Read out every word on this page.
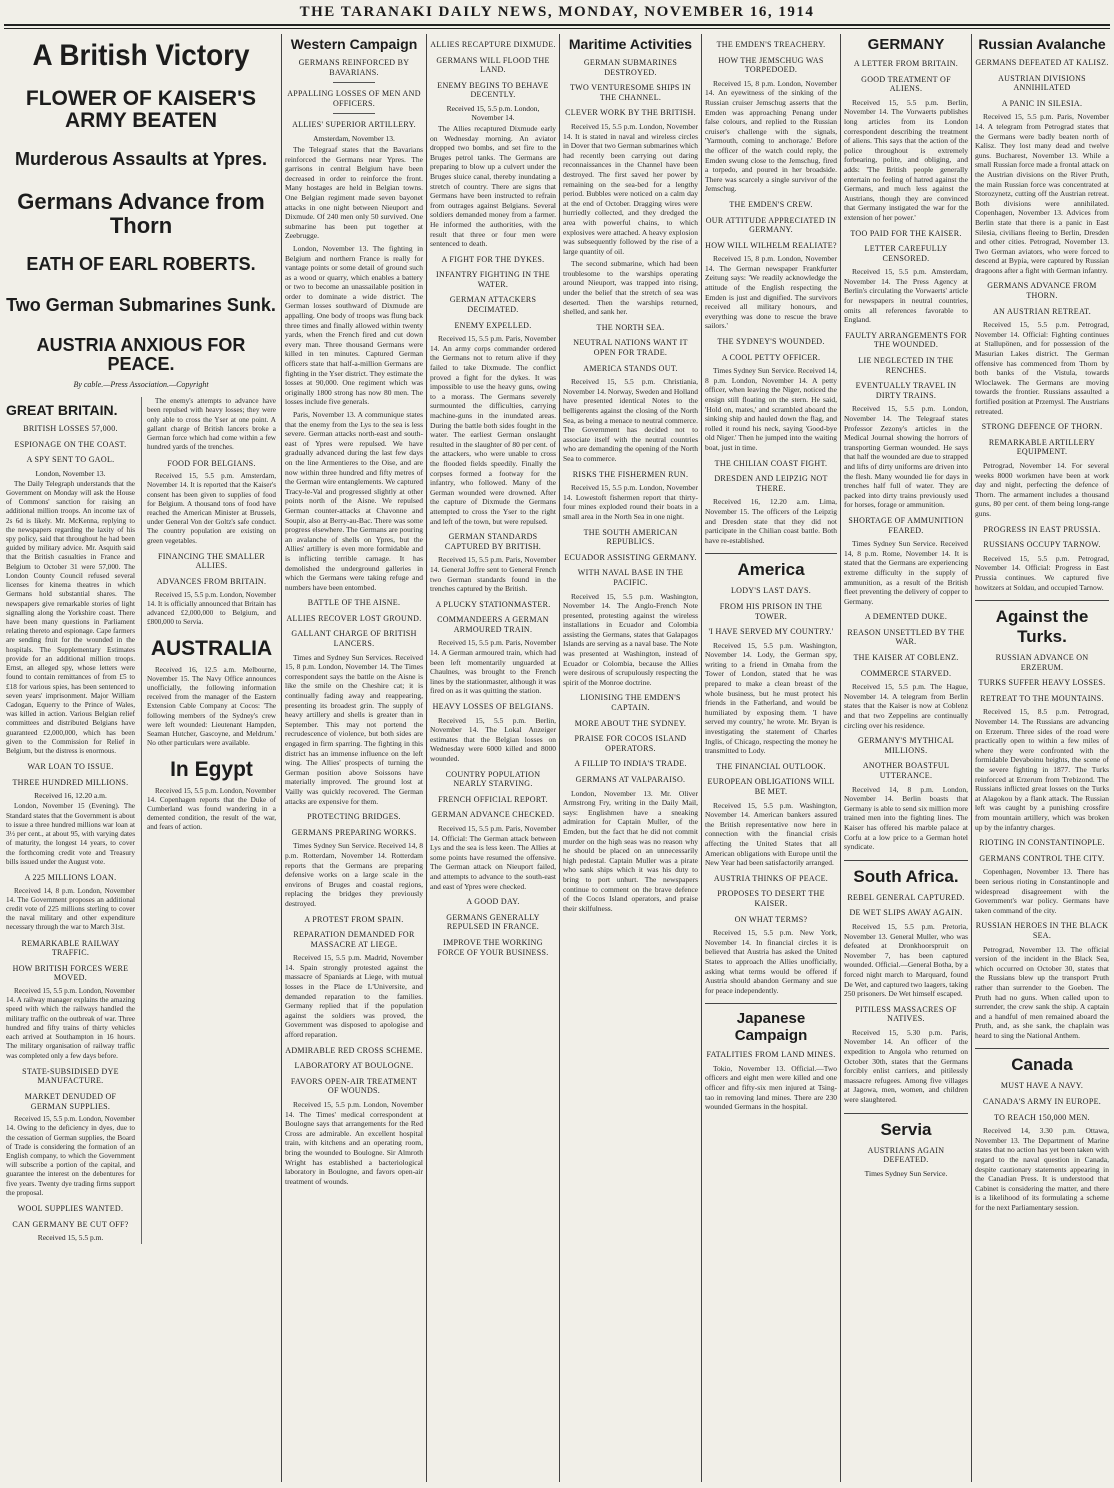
THE TARANAKI DAILY NEWS, MONDAY, NOVEMBER 16, 1914
A British Victory
FLOWER OF KAISER'S ARMY BEATEN
Murderous Assaults at Ypres.
Germans Advance from Thorn
EATH OF EARL ROBERTS.
Two German Submarines Sunk.
AUSTRIA ANXIOUS FOR PEACE.
By cable.—Press Association.—Copyright
GREAT BRITAIN.
BRITISH LOSSES 57,000.
ESPIONAGE ON THE COAST.
A SPY SENT TO GAOL.
London, November 13.

The Daily Telegraph understands that the Government on Monday will ask the House of Commons' sanction for raising an additional million troops. An income tax of 2s 6d is likely. Mr. McKenna, replying to the newspapers regarding the laxity of his spy policy, said that throughout he had been guided by military advice. Mr. Asquith said that the British casualties in France and Belgium to October 31 were 57,000. The London County Council refused several licenses for kinema theatres in which Germans hold substantial shares. The newspapers give remarkable stories of light signalling along the Yorkshire coast. There have been many questions in Parliament relating thereto and espionage. Cape farmers are sending fruit for the wounded in the hospitals. The Supplementary Estimates provide for an additional million troops. Ernst, an alleged spy, whose letters were found to contain remittances of from £5 to £18 for various spies, has been sentenced to seven years' imprisonment. Major William Cadogan, Equerry to the Prince of Wales, was killed in action. Various Belgian relief committees and distributed Belgians have guaranteed £2,000,000, which has been given to the Commission for Relief in Belgium, but the distress is enormous.

WAR LOAN TO ISSUE.
THREE HUNDRED MILLIONS.
Received 16, 12.20 a.m.

London, November 15 (Evening). The Standard states that the Government is about to issue a three hundred millions war loan at 3½ per cent., at about 95, with varying dates of maturity, the longest 14 years, to cover the forthcoming credit vote and Treasury bills issued under the August vote.

A 225 MILLIONS LOAN.

Received 14, 8 p.m. London, November 14. The Government proposes an additional credit vote of 225 millions sterling to cover the naval military and other expenditure necessary through the war to March 31st.

REMARKABLE RAILWAY TRAFFIC.
HOW BRITISH FORCES WERE MOVED.

Received 15, 5.5 p.m. London, November 14. A railway manager explains the amazing speed with which the railways handled the military traffic on the outbreak of war. Three hundred and fifty trains of thirty vehicles each arrived at Southampton in 16 hours. The military organisation of railway traffic was completed only a few days before.

STATE-SUBSIDISED DYE MANUFACTURE.
MARKET DENUDED OF GERMAN SUPPLIES.

Received 15, 5.5 p.m. London, November 14. Owing to the deficiency in dyes, due to the cessation of German supplies, the Board of Trade is considering the formation of an English company, to which the Government will subscribe a portion of the capital, and guarantee the interest on the debentures for five years. Twenty dye trading firms support the proposal.

WOOL SUPPLIES WANTED.
CAN GERMANY BE CUT OFF?
Received 15, 5.5 p.m.

The enemy's attempts to advance have been repulsed with heavy losses; they were only able to cross the Yser at one point. A gallant charge of British lancers broke a German force which had come within a few hundred yards of the trenches.

FOOD FOR BELGIANS.

Received 15, 5.5 p.m. Amsterdam, November 14. It is reported that the Kaiser's consent has been given to supplies of food for Belgium. A thousand tons of food have reached the American Minister at Brussels, under General Von der Goltz's safe conduct. The country population are existing on green vegetables.

FINANCING THE SMALLER ALLIES.
ADVANCES FROM BRITAIN.

Received 15, 5.5 p.m. London, November 14. It is officially announced that Britain has advanced £2,000,000 to Belgium, and £800,000 to Servia.

AUSTRALIA

Received 16, 12.5 a.m. Melbourne, November 15. The Navy Office announces unofficially, the following information received from the manager of the Eastern Extension Cable Company at Cocos: 'The following members of the Sydney's crew were left wounded: Lieutenant Hampden, Seaman Hutcher, Gascoyne, and Meldrum.' No other particulars were available.

In Egypt

Received 15, 5.5 p.m. London, November 14. Copenhagen reports that the Duke of Cumberland was found wandering in a demented condition, the result of the war, and fears of action.

Western Campaign
GERMANS REINFORCED BY BAVARIANS.
APPALLING LOSSES OF MEN AND OFFICERS.
ALLIES' SUPERIOR ARTILLERY.
Amsterdam, November 13.

The Telegraaf states that the Bavarians reinforced the Germans near Ypres. The garrisons in central Belgium have been decreased in order to reinforce the front. Many hostages are held in Belgian towns. One Belgian regiment made seven bayonet attacks in one night between Nieuport and Dixmude. Of 240 men only 50 survived. One submarine has been put together at Zeebrugge.

London, November 13. The fighting in Belgium and northern France is really for vantage points or some detail of ground such as a wood or quarry, which enables a battery or two to become an unassailable position in order to dominate a wide district. The German losses southward of Dixmude are appalling. One body of troops was flung back three times and finally allowed within twenty yards, when the French fired and cut down every man. Three thousand Germans were killed in ten minutes. Captured German officers state that half-a-million Germans are fighting in the Yser district. They estimate the losses at 90,000. One regiment which was originally 1800 strong has now 80 men. The losses include five generals.

Paris, November 13. A communique states that the enemy from the Lys to the sea is less severe. German attacks north-east and south-east of Ypres were repulsed. We have gradually advanced during the last few days on the line Armentieres to the Oise, and are now within three hundred and fifty metres of the German wire entanglements. We captured Tracy-le-Val and progressed slightly at other points north of the Aisne. We repulsed German counter-attacks at Chavonne and Soupir, also at Berry-au-Bac. There was some progress elsewhere. The Germans are pouring an avalanche of shells on Ypres, but the Allies' artillery is even more formidable and is inflicting terrible carnage. It has demolished the underground galleries in which the Germans were taking refuge and numbers have been entombed.

BATTLE OF THE AISNE.
ALLIES RECOVER LOST GROUND.
GALLANT CHARGE OF BRITISH LANCERS.

Times and Sydney Sun Services. Received 15, 8 p.m. London, November 14. The Times correspondent says the battle on the Aisne is like the smile on the Cheshire cat; it is continually fading away and reappearing, presenting its broadest grin. The supply of heavy artillery and shells is greater than in September. This may not portend the recrudescence of violence, but both sides are engaged in firm sparring. The fighting in this district has an immense influence on the left wing. The Allies' prospects of turning the German position above Soissons have materially improved. The ground lost at Vailly was quickly recovered. The German attacks are expensive for them.

PROTECTING BRIDGES.
GERMANS PREPARING WORKS.

Times Sydney Sun Service. Received 14, 8 p.m. Rotterdam, November 14. Rotterdam reports that the Germans are preparing defensive works on a large scale in the environs of Bruges and coastal regions, replacing the bridges they previously destroyed.

A PROTEST FROM SPAIN.
REPARATION DEMANDED FOR MASSACRE AT LIEGE.

Received 15, 5.5 p.m. Madrid, November 14. Spain strongly protested against the massacre of Spaniards at Liege, with mutual losses in the Place de L'Universite, and demanded reparation to the families. Germany replied that if the population against the soldiers was proved, the Government was disposed to apologise and afford reparation.

ADMIRABLE RED CROSS SCHEME.
LABORATORY AT BOULOGNE.
FAVORS OPEN-AIR TREATMENT OF WOUNDS.

Received 15, 5.5 p.m. London, November 14. The Times' medical correspondent at Boulogne says that arrangements for the Red Cross are admirable. An excellent hospital train, with kitchens and an operating room, bring the wounded to Boulogne. Sir Almroth Wright has established a bacteriological laboratory in Boulogne, and favors open-air treatment of wounds.

ALLIES RECAPTURE DIXMUDE.
GERMANS WILL FLOOD THE LAND.
ENEMY BEGINS TO BEHAVE DECENTLY.
Received 15, 5.5 p.m. London, November 14.

The Allies recaptured Dixmude early on Wednesday morning. An aviator dropped two bombs, and set fire to the Bruges petrol tanks. The Germans are preparing to blow up a culvert under the Bruges sluice canal, thereby inundating a stretch of country. There are signs that Germans have been instructed to refrain from outrages against Belgians. Several soldiers demanded money from a farmer. He informed the authorities, with the result that three or four men were sentenced to death.

A FIGHT FOR THE DYKES.
INFANTRY FIGHTING IN THE WATER.
GERMAN ATTACKERS DECIMATED.
ENEMY EXPELLED.

Received 15, 5.5 p.m. Paris, November 14. An army corps commander ordered the Germans not to return alive if they failed to take Dixmude. The conflict proved a fight for the dykes. It was impossible to use the heavy guns, owing to a morass. The Germans severely surmounted the difficulties, carrying machine-guns in the inundated areas. During the battle both sides fought in the water. The earliest German onslaught resulted in the slaughter of 80 per cent. of the attackers, who were unable to cross the flooded fields speedily. Finally the corpses formed a footway for the infantry, who followed. Many of the German wounded were drowned. After the capture of Dixmude the Germans attempted to cross the Yser to the right and left of the town, but were repulsed.

GERMAN STANDARDS CAPTURED BY BRITISH.

Received 15, 5.5 p.m. Paris, November 14. General Joffre sent to General French two German standards found in the trenches captured by the British.

A PLUCKY STATIONMASTER.
COMMANDEERS A GERMAN ARMOURED TRAIN.

Received 15, 5.5 p.m. Paris, November 14. A German armoured train, which had been left momentarily unguarded at Chaulnes, was brought to the French lines by the stationmaster, although it was fired on as it was quitting the station.

HEAVY LOSSES OF BELGIANS.

Received 15, 5.5 p.m. Berlin, November 14. The Lokal Anzeiger estimates that the Belgian losses on Wednesday were 6000 killed and 8000 wounded.

COUNTRY POPULATION NEARLY STARVING.
FRENCH OFFICIAL REPORT.
GERMAN ADVANCE CHECKED.

Received 15, 5.5 p.m. Paris, November 14. Official: The German attack between Lys and the sea is less keen. The Allies at some points have resumed the offensive. The German attack on Nieuport failed, and attempts to advance to the south-east and east of Ypres were checked.

A GOOD DAY.
GERMANS GENERALLY REPULSED IN FRANCE.
IMPROVE THE WORKING FORCE OF YOUR BUSINESS.
Maritime Activities
GERMAN SUBMARINES DESTROYED.
TWO VENTURESOME SHIPS IN THE CHANNEL.
CLEVER WORK BY THE BRITISH.

Received 15, 5.5 p.m. London, November 14. It is stated in naval and wireless circles in Dover that two German submarines which had recently been carrying out daring reconnaissances in the Channel have been destroyed. The first saved her power by remaining on the sea-bed for a lengthy period. Bubbles were noticed on a calm day at the end of October. Dragging wires were hurriedly collected, and they dredged the area with powerful chains, to which explosives were attached. A heavy explosion was subsequently followed by the rise of a large quantity of oil.

The second submarine, which had been troublesome to the warships operating around Nieuport, was trapped into rising, under the belief that the stretch of sea was deserted. Then the warships returned, shelled, and sank her.

THE NORTH SEA.
NEUTRAL NATIONS WANT IT OPEN FOR TRADE.
AMERICA STANDS OUT.

Received 15, 5.5 p.m. Christiania, November 14. Norway, Sweden and Holland have presented identical Notes to the belligerents against the closing of the North Sea, as being a menace to neutral commerce. The Government has decided not to associate itself with the neutral countries who are demanding the opening of the North Sea to commerce.

RISKS THE FISHERMEN RUN.

Received 15, 5.5 p.m. London, November 14. Lowestoft fishermen report that thirty-four mines exploded round their boats in a small area in the North Sea in one night.

THE SOUTH AMERICAN REPUBLICS.
ECUADOR ASSISTING GERMANY.
WITH NAVAL BASE IN THE PACIFIC.

Received 15, 5.5 p.m. Washington, November 14. The Anglo-French Note presented, protesting against the wireless installations in Ecuador and Colombia assisting the Germans, states that Galapagos Islands are serving as a naval base. The Note was presented at Washington, instead of Ecuador or Colombia, because the Allies were desirous of scrupulously respecting the spirit of the Monroe doctrine.

LIONISING THE EMDEN'S CAPTAIN.
MORE ABOUT THE SYDNEY.
PRAISE FOR COCOS ISLAND OPERATORS.
A FILLIP TO INDIA'S TRADE.
GERMANS AT VALPARAISO.

London, November 13. Mr. Oliver Armstrong Fry, writing in the Daily Mail, says: Englishmen have a sneaking admiration for Captain Muller, of the Emden, but the fact that he did not commit murder on the high seas was no reason why he should be placed on an unnecessarily high pedestal. Captain Muller was a pirate who sank ships which it was his duty to bring to port unhurt. The newspapers continue to comment on the brave defence of the Cocos Island operators, and praise their skilfulness.

THE EMDEN'S TREACHERY.
HOW THE JEMSCHUG WAS TORPEDOED.

Received 15, 8 p.m. London, November 14. An eyewitness of the sinking of the Russian cruiser Jemschug asserts that the Emden was approaching Penang under false colours, and replied to the Russian cruiser's challenge with the signals, 'Yarmouth, coming to anchorage.' Before the officer of the watch could reply, the Emden swung close to the Jemschug, fired a torpedo, and poured in her broadside. There was scarcely a single survivor of the Jemschug.

THE EMDEN'S CREW.
OUR ATTITUDE APPRECIATED IN GERMANY.
HOW WILL WILHELM REALIATE?

Received 15, 8 p.m. London, November 14. The German newspaper Frankfurter Zeitung says: 'We readily acknowledge the attitude of the English respecting the Emden is just and dignified. The survivors received all military honours, and everything was done to rescue the brave sailors.'

THE SYDNEY'S WOUNDED.
A COOL PETTY OFFICER.

Times Sydney Sun Service. Received 14, 8 p.m. London, November 14. A petty officer, when leaving the Niger, noticed the ensign still floating on the stern. He said, 'Hold on, mates,' and scrambled aboard the sinking ship and hauled down the flag, and rolled it round his neck, saying 'Good-bye old Niger.' Then he jumped into the waiting boat, just in time.

THE CHILIAN COAST FIGHT.
DRESDEN AND LEIPZIG NOT THERE.

Received 16, 12.20 a.m. Lima, November 15. The officers of the Leipzig and Dresden state that they did not participate in the Chilian coast battle. Both have re-established.

America
LODY'S LAST DAYS.
FROM HIS PRISON IN THE TOWER.
'I HAVE SERVED MY COUNTRY.'

Received 15, 5.5 p.m. Washington, November 14. Lody, the German spy, writing to a friend in Omaha from the Tower of London, stated that he was prepared to make a clean breast of the whole business, but he must protect his friends in the Fatherland, and would be humiliated by exposing them. 'I have served my country,' he wrote. Mr. Bryan is investigating the statement of Charles Inglis, of Chicago, respecting the money he transmitted to Lody.

THE FINANCIAL OUTLOOK.
EUROPEAN OBLIGATIONS WILL BE MET.

Received 15, 5.5 p.m. Washington, November 14. American bankers assured the British representative now here in connection with the financial crisis affecting the United States that all American obligations with Europe until the New Year had been satisfactorily arranged.

AUSTRIA THINKS OF PEACE.
PROPOSES TO DESERT THE KAISER.
ON WHAT TERMS?

Received 15, 5.5 p.m. New York, November 14. In financial circles it is believed that Austria has asked the United States to approach the Allies unofficially, asking what terms would be offered if Austria should abandon Germany and sue for peace independently.

Japanese Campaign
FATALITIES FROM LAND MINES.

Tokio, November 13. Official.—Two officers and eight men were killed and one officer and fifty-six men injured at Tsing-tao in removing land mines. There are 230 wounded Germans in the hospital.

GERMANY
A LETTER FROM BRITAIN.
GOOD TREATMENT OF ALIENS.

Received 15, 5.5 p.m. Berlin, November 14. The Vorwaerts publishes long articles from its London correspondent describing the treatment of aliens. This says that the action of the police throughout is extremely forbearing, polite, and obliging, and adds: 'The British people generally entertain no feeling of hatred against the Germans, and much less against the Austrians, though they are convinced that Germany instigated the war for the extension of her power.'

TOO PAID FOR THE KAISER.
LETTER CAREFULLY CENSORED.

Received 15, 5.5 p.m. Amsterdam, November 14. The Press Agency at Berlin's circulating the Vorwaerts' article for newspapers in neutral countries, omits all references favorable to England.

FAULTY ARRANGEMENTS FOR THE WOUNDED.
LIE NEGLECTED IN THE RENCHES.
EVENTUALLY TRAVEL IN DIRTY TRAINS.

Received 15, 5.5 p.m. London, November 14. The Telegraaf states Professor Zezony's articles in the Medical Journal showing the horrors of transporting German wounded. He says that half the wounded are due to strapped and lifts of dirty uniforms are driven into the flesh. Many wounded lie for days in trenches half full of water. They are packed into dirty trains previously used for horses, forage or ammunition.

SHORTAGE OF AMMUNITION FEARED.

Times Sydney Sun Service. Received 14, 8 p.m. Rome, November 14. It is stated that the Germans are experiencing extreme difficulty in the supply of ammunition, as a result of the British fleet preventing the delivery of copper to Germany.

A DEMENTED DUKE.
REASON UNSETTLED BY THE WAR.
THE KAISER AT COBLENZ.
COMMERCE STARVED.

Received 15, 5.5 p.m. The Hague, November 14. A telegram from Berlin states that the Kaiser is now at Coblenz and that two Zeppelins are continually circling over his residence.

GERMANY'S MYTHICAL MILLIONS.
ANOTHER BOASTFUL UTTERANCE.

Received 14, 8 p.m. London, November 14. Berlin boasts that Germany is able to send six million more trained men into the fighting lines. The Kaiser has offered his marble palace at Corfu at a low price to a German hotel syndicate.

South Africa.
REBEL GENERAL CAPTURED.
DE WET SLIPS AWAY AGAIN.

Received 15, 5.5 p.m. Pretoria, November 13. General Muller, who was defeated at Dronkhoorspruit on November 7, has been captured wounded. Official.—General Botha, by a forced night march to Marquard, found De Wet, and captured two laagers, taking 250 prisoners. De Wet himself escaped.

PITILESS MASSACRES OF NATIVES.

Received 15, 5.30 p.m. Paris, November 14. An officer of the expedition to Angola who returned on October 30th, states that the Germans forcibly enlist carriers, and pitilessly massacre refugees. Among five villages at Jagowa, men, women, and children were slaughtered.

Servia
AUSTRIANS AGAIN DEFEATED.
Times Sydney Sun Service.
Russian Avalanche
GERMANS DEFEATED AT KALISZ.
AUSTRIAN DIVISIONS ANNIHILATED
A PANIC IN SILESIA.

Received 15, 5.5 p.m. Paris, November 14. A telegram from Petrograd states that the Germans were badly beaten north of Kalisz. They lost many dead and twelve guns. Bucharest, November 13. While a small Russian force made a frontal attack on the Austrian divisions on the River Pruth, the main Russian force was concentrated at Storozynetz, cutting off the Austrian retreat. Both divisions were annihilated. Copenhagen, November 13. Advices from Berlin state that there is a panic in East Silesia, civilians fleeing to Berlin, Dresden and other cities. Petrograd, November 13. Two German aviators, who were forced to descend at Bypia, were captured by Russian dragoons after a fight with German infantry.

GERMANS ADVANCE FROM THORN.
AN AUSTRIAN RETREAT.

Received 15, 5.5 p.m. Petrograd, November 14. Official: Fighting continues at Stallupönen, and for possession of the Masurian Lakes district. The German offensive has commenced from Thorn by both banks of the Vistula, towards Wloclawek. The Germans are moving towards the frontier. Russians assaulted a fortified position at Przemysl. The Austrians retreated.

STRONG DEFENCE OF THORN.
REMARKABLE ARTILLERY EQUIPMENT.

Petrograd, November 14. For several weeks 8000 workmen have been at work day and night, perfecting the defence of Thorn. The armament includes a thousand guns, 80 per cent. of them being long-range guns.

PROGRESS IN EAST PRUSSIA.
RUSSIANS OCCUPY TARNOW.

Received 15, 5.5 p.m. Petrograd, November 14. Official: Progress in East Prussia continues. We captured five howitzers at Soldau, and occupied Tarnow.

Against the Turks.
RUSSIAN ADVANCE ON ERZERUM.
TURKS SUFFER HEAVY LOSSES.
RETREAT TO THE MOUNTAINS.

Received 15, 8.5 p.m. Petrograd, November 14. The Russians are advancing on Erzerum. Three sides of the road were practically open to within a few miles of where they were confronted with the formidable Devaboinu heights, the scene of the severe fighting in 1877. The Turks reinforced at Erzerum from Trebizond. The Russians inflicted great losses on the Turks at Alagokou by a flank attack. The Russian left was caught by a punishing crossfire from mountain artillery, which was broken up by the infantry charges.

RIOTING IN CONSTANTINOPLE.
GERMANS CONTROL THE CITY.

Copenhagen, November 13. There has been serious rioting in Constantinople and widespread disagreement with the Government's war policy. Germans have taken command of the city.

RUSSIAN HEROES IN THE BLACK SEA.

Petrograd, November 13. The official version of the incident in the Black Sea, which occurred on October 30, states that the Russians blew up the transport Pruth rather than surrender to the Goeben. The Pruth had no guns. When called upon to surrender, the crew sank the ship. A captain and a handful of men remained aboard the Pruth, and, as she sank, the chaplain was heard to sing the National Anthem.

Canada
MUST HAVE A NAVY.
CANADA'S ARMY IN EUROPE.
TO REACH 150,000 MEN.

Received 14, 3.30 p.m. Ottawa, November 13. The Department of Marine states that no action has yet been taken with regard to the naval question in Canada, despite cautionary statements appearing in the Canadian Press. It is understood that Cabinet is considering the matter, and there is a likelihood of its formulating a scheme for the next Parliamentary session.
